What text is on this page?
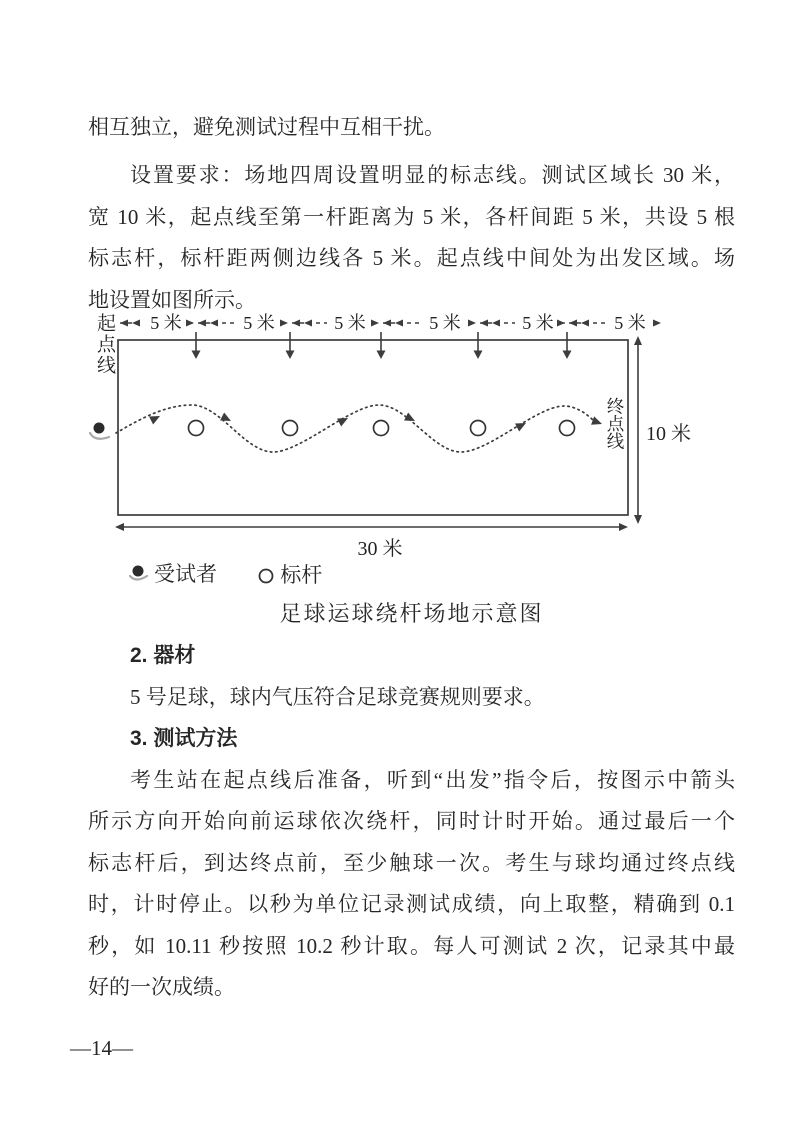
相互独立，避免测试过程中互相干扰。
设置要求：场地四周设置明显的标志线。测试区域长 30 米，
宽 10 米，起点线至第一杆距离为 5 米，各杆间距 5 米，共设 5 根
标志杆，标杆距两侧边线各 5 米。起点线中间处为出发区域。场
地设置如图所示。
起点线
终点线
5 米	5 米	5 米	5 米	5 米	5 米
10 米
30 米
受试者
	标杆
足球运球绕杆场地示意图
2. 器材
5 号足球，球内气压符合足球竞赛规则要求。
3. 测试方法
考生站在起点线后准备，听到“出发”指令后，按图示中箭头
所示方向开始向前运球依次绕杆，同时计时开始。通过最后一个
标志杆后，到达终点前，至少触球一次。考生与球均通过终点线
时，计时停止。以秒为单位记录测试成绩，向上取整，精确到 0.1
秒，如 10.11 秒按照 10.2 秒计取。每人可测试 2 次，记录其中最
好的一次成绩。
—14—
